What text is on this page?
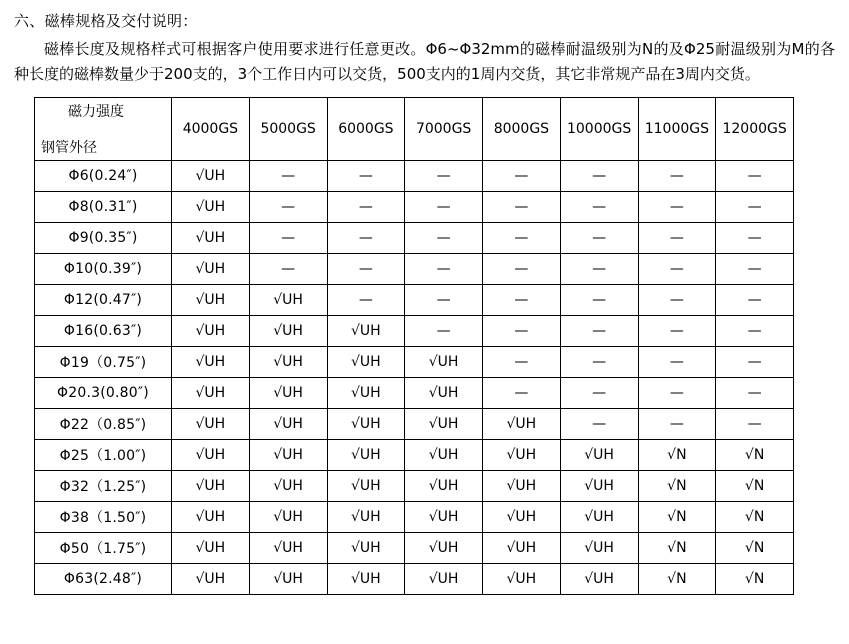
六、磁棒规格及交付说明：
磁棒长度及规格样式可根据客户使用要求进行任意更改。Φ6~Φ32mm的磁棒耐温级别为N的及Φ25耐温级别为M的各种长度的磁棒数量少于200支的，3个工作日内可以交货，500支内的1周内交货，其它非常规产品在3周内交货。
磁力强度
钢管外径	4000GS	5000GS	6000GS	7000GS	8000GS	10000GS	11000GS	12000GS
Φ6(0.24″)	√UH	—	—	—	—	—	—	—
Φ8(0.31″)	√UH	—	—	—	—	—	—	—
Φ9(0.35″)	√UH	—	—	—	—	—	—	—
Φ10(0.39″)	√UH	—	—	—	—	—	—	—
Φ12(0.47″)	√UH	√UH	—	—	—	—	—	—
Φ16(0.63″)	√UH	√UH	√UH	—	—	—	—	—
Φ19（0.75″)	√UH	√UH	√UH	√UH	—	—	—	—
Φ20.3(0.80″)	√UH	√UH	√UH	√UH	—	—	—	—
Φ22（0.85″)	√UH	√UH	√UH	√UH	√UH	—	—	—
Φ25（1.00″)	√UH	√UH	√UH	√UH	√UH	√UH	√N	√N
Φ32（1.25″)	√UH	√UH	√UH	√UH	√UH	√UH	√N	√N
Φ38（1.50″)	√UH	√UH	√UH	√UH	√UH	√UH	√N	√N
Φ50（1.75″)	√UH	√UH	√UH	√UH	√UH	√UH	√N	√N
Φ63(2.48″)	√UH	√UH	√UH	√UH	√UH	√UH	√N	√N
